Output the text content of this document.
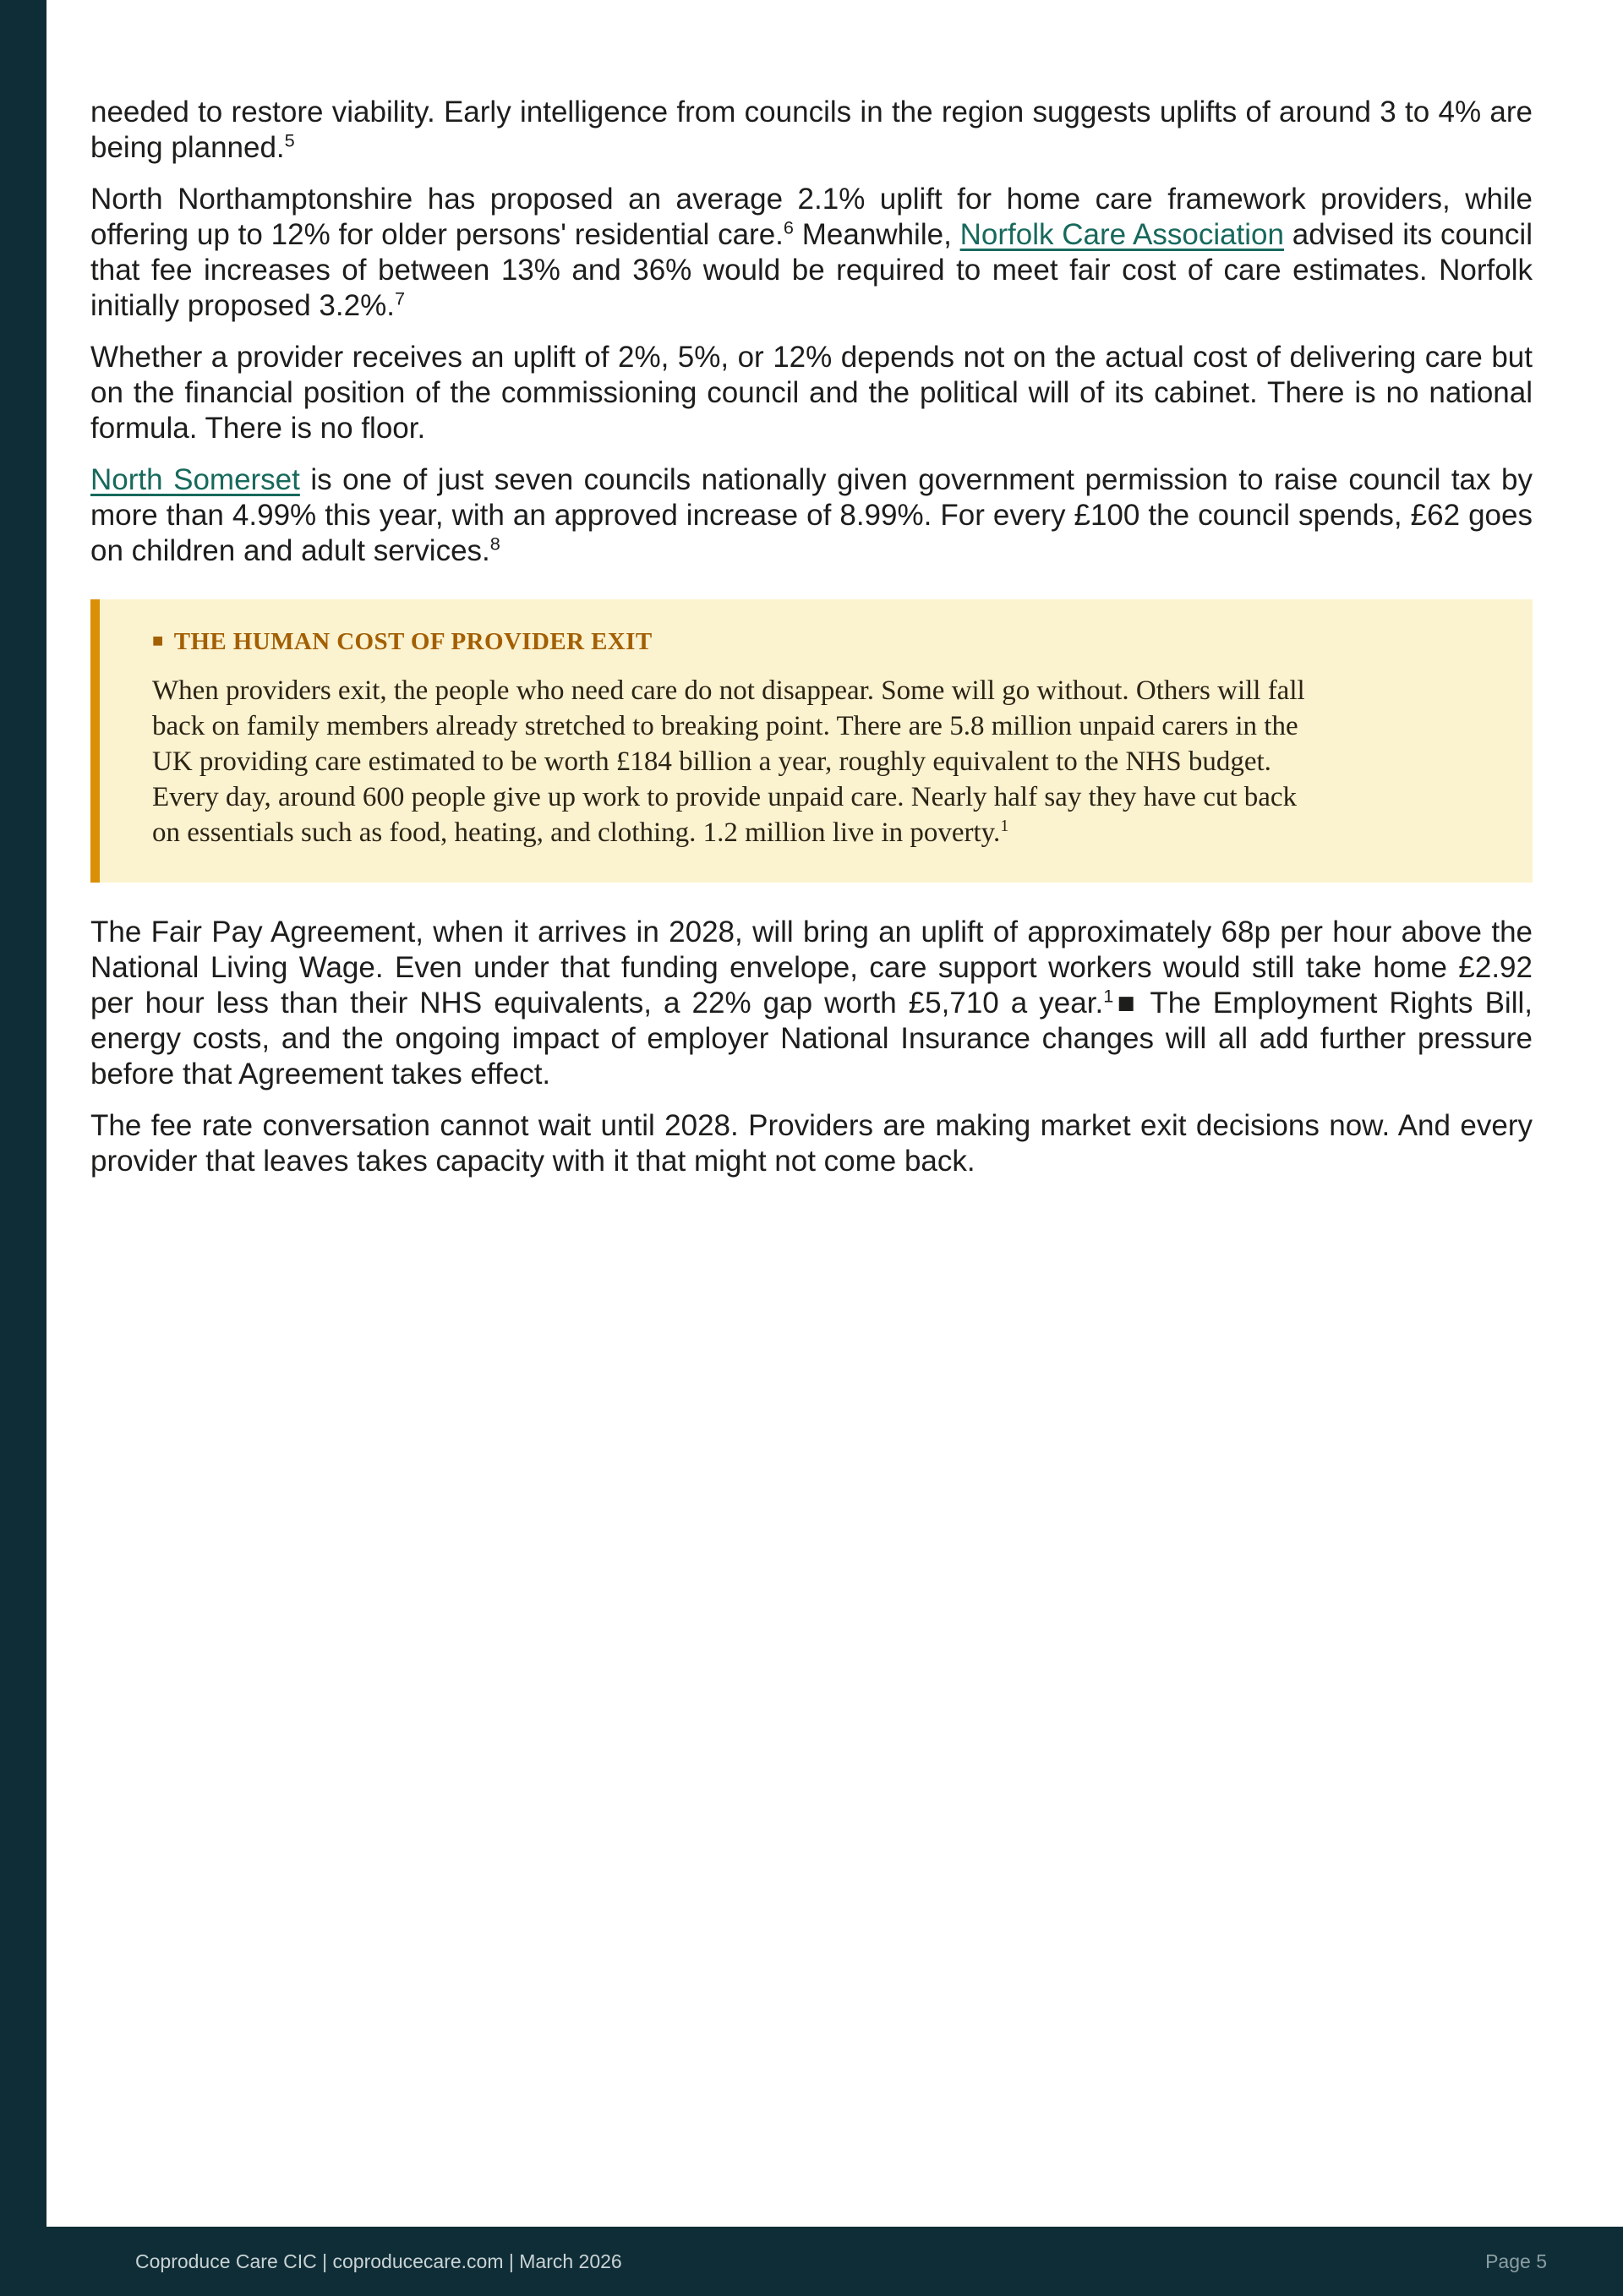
needed to restore viability. Early intelligence from councils in the region suggests uplifts of around 3 to 4% are being planned.$^5$

North Northamptonshire has proposed an average 2.1% uplift for home care framework providers, while offering up to 12% for older persons' residential care.$^6$ Meanwhile, Norfolk Care Association advised its council that fee increases of between 13% and 36% would be required to meet fair cost of care estimates. Norfolk initially proposed 3.2%.$^7$

Whether a provider receives an uplift of 2%, 5%, or 12% depends not on the actual cost of delivering care but on the financial position of the commissioning council and the political will of its cabinet. There is no national formula. There is no floor.

North Somerset is one of just seven councils nationally given government permission to raise council tax by more than 4.99% this year, with an approved increase of 8.99%. For every £100 the council spends, £62 goes on children and adult services.$^8$

■ THE HUMAN COST OF PROVIDER EXIT
When providers exit, the people who need care do not disappear. Some will go without. Others will fall back on family members already stretched to breaking point. There are 5.8 million unpaid carers in the UK providing care estimated to be worth £184 billion a year, roughly equivalent to the NHS budget. Every day, around 600 people give up work to provide unpaid care. Nearly half say they have cut back on essentials such as food, heating, and clothing. 1.2 million live in poverty.$^1$

The Fair Pay Agreement, when it arrives in 2028, will bring an uplift of approximately 68p per hour above the National Living Wage. Even under that funding envelope, care support workers would still take home £2.92 per hour less than their NHS equivalents, a 22% gap worth £5,710 a year.$^1$■ The Employment Rights Bill, energy costs, and the ongoing impact of employer National Insurance changes will all add further pressure before that Agreement takes effect.

The fee rate conversation cannot wait until 2028. Providers are making market exit decisions now. And every provider that leaves takes capacity with it that might not come back.

Coproduce Care CIC | coproducecare.com | March 2026	Page 5
